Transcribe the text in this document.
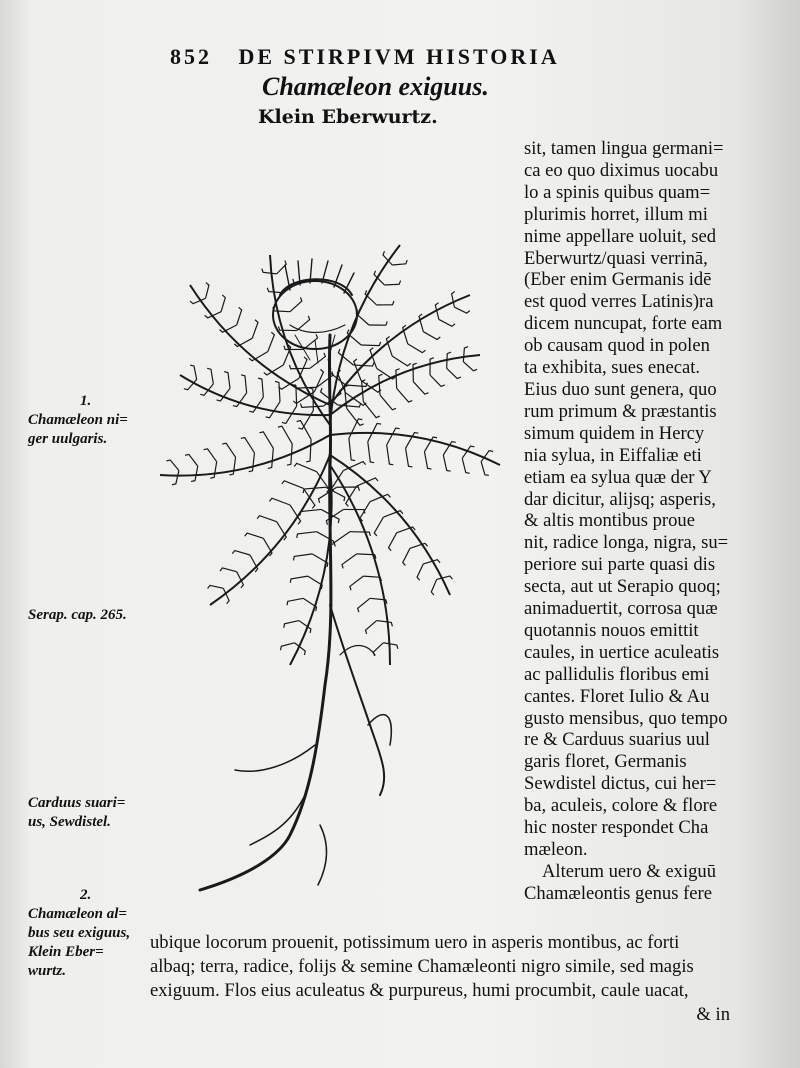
852 DE STIRPIVM HISTORIA
Chamæleon exiguus.
Klein Eberwurtz.
sit, tamen lingua germani=
ca eo quo diximus uocabu
lo a spinis quibus quam=
plurimis horret, illum mi
nime appellare uoluit, sed
Eberwurtz/quasi verrinā,
(Eber enim Germanis idē
est quod verres Latinis)ra
dicem nuncupat, forte eam
ob causam quod in polen
ta exhibita, sues enecat.
Eius duo sunt genera, quo
rum primum & præstantis
simum quidem in Hercy
nia sylua, in Eiffaliæ eti
etiam ea sylua quæ der Y
dar dicitur, alijsq; asperis,
& altis montibus proue
nit, radice longa, nigra, su=
periore sui parte quasi dis
secta, aut ut Serapio quoq;
animaduertit, corrosa quæ
quotannis nouos emittit
caules, in uertice aculeatis
ac pallidulis floribus emi
cantes. Floret Iulio & Au
gusto mensibus, quo tempo
re & Carduus suarius uul
garis floret, Germanis
Sewdistel dictus, cui her=
ba, aculeis, colore & flore
hic noster respondet Cha
mæleon.
Alterum uero & exiguū
Chamæleontis genus fere
ubique locorum prouenit, potissimum uero in asperis montibus, ac forti
albaq; terra, radice, folijs & semine Chamæleonti nigro simile, sed magis
exiguum. Flos eius aculeatus & purpureus, humi procumbit, caule uacat,
& in
1.
Chamæleon ni=
ger uulgaris.
Serap. cap. 265.
Carduus suari=
us, Sewdistel.
2.
Chamæleon al=
bus seu exiguus,
Klein Eber=
wurtz.
